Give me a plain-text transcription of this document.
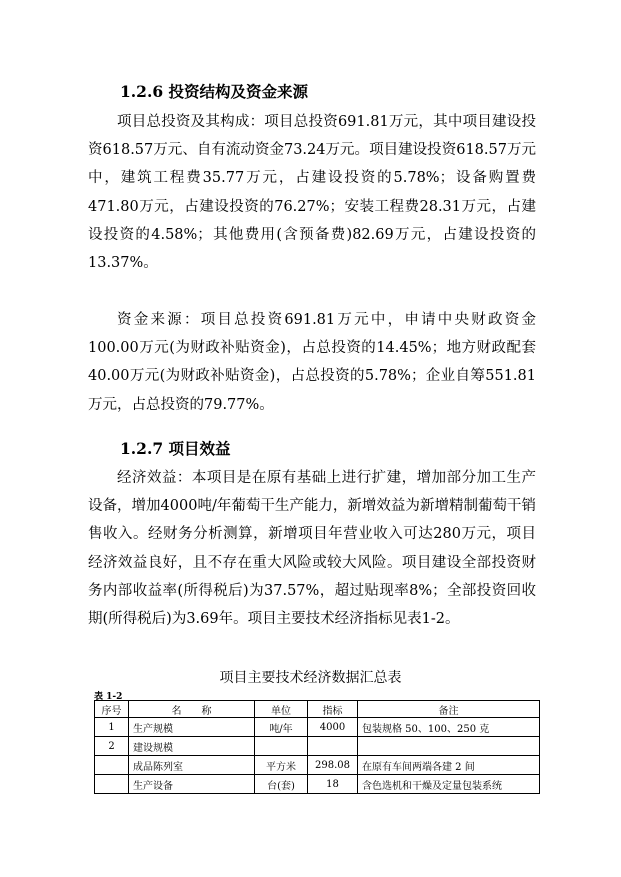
1.2.6 投资结构及资金来源

项目总投资及其构成：项目总投资691.81万元，其中项目建设投资618.57万元、自有流动资金73.24万元。项目建设投资618.57万元中，建筑工程费35.77万元，占建设投资的5.78%；设备购置费471.80万元，占建设投资的76.27%；安装工程费28.31万元，占建设投资的4.58%；其他费用(含预备费)82.69万元，占建设投资的13.37%。

资金来源：项目总投资691.81万元中，申请中央财政资金100.00万元(为财政补贴资金)，占总投资的14.45%；地方财政配套40.00万元(为财政补贴资金)，占总投资的5.78%；企业自筹551.81万元，占总投资的79.77%。

1.2.7 项目效益

经济效益：本项目是在原有基础上进行扩建，增加部分加工生产设备，增加4000吨/年葡萄干生产能力，新增效益为新增精制葡萄干销售收入。经财务分析测算，新增项目年营业收入可达280万元，项目经济效益良好，且不存在重大风险或较大风险。项目建设全部投资财务内部收益率(所得税后)为37.57%，超过贴现率8%；全部投资回收期(所得税后)为3.69年。项目主要技术经济指标见表1-2。

项目主要技术经济数据汇总表
表 1-2
序号	名　　称	单位	指标	备注
1	生产规模	吨/年	4000	包装规格 50、100、250 克
2	建设规模			
	成品陈列室	平方米	298.08	在原有车间两端各建 2 间
	生产设备	台(套)	18	含色选机和干燥及定量包装系统
